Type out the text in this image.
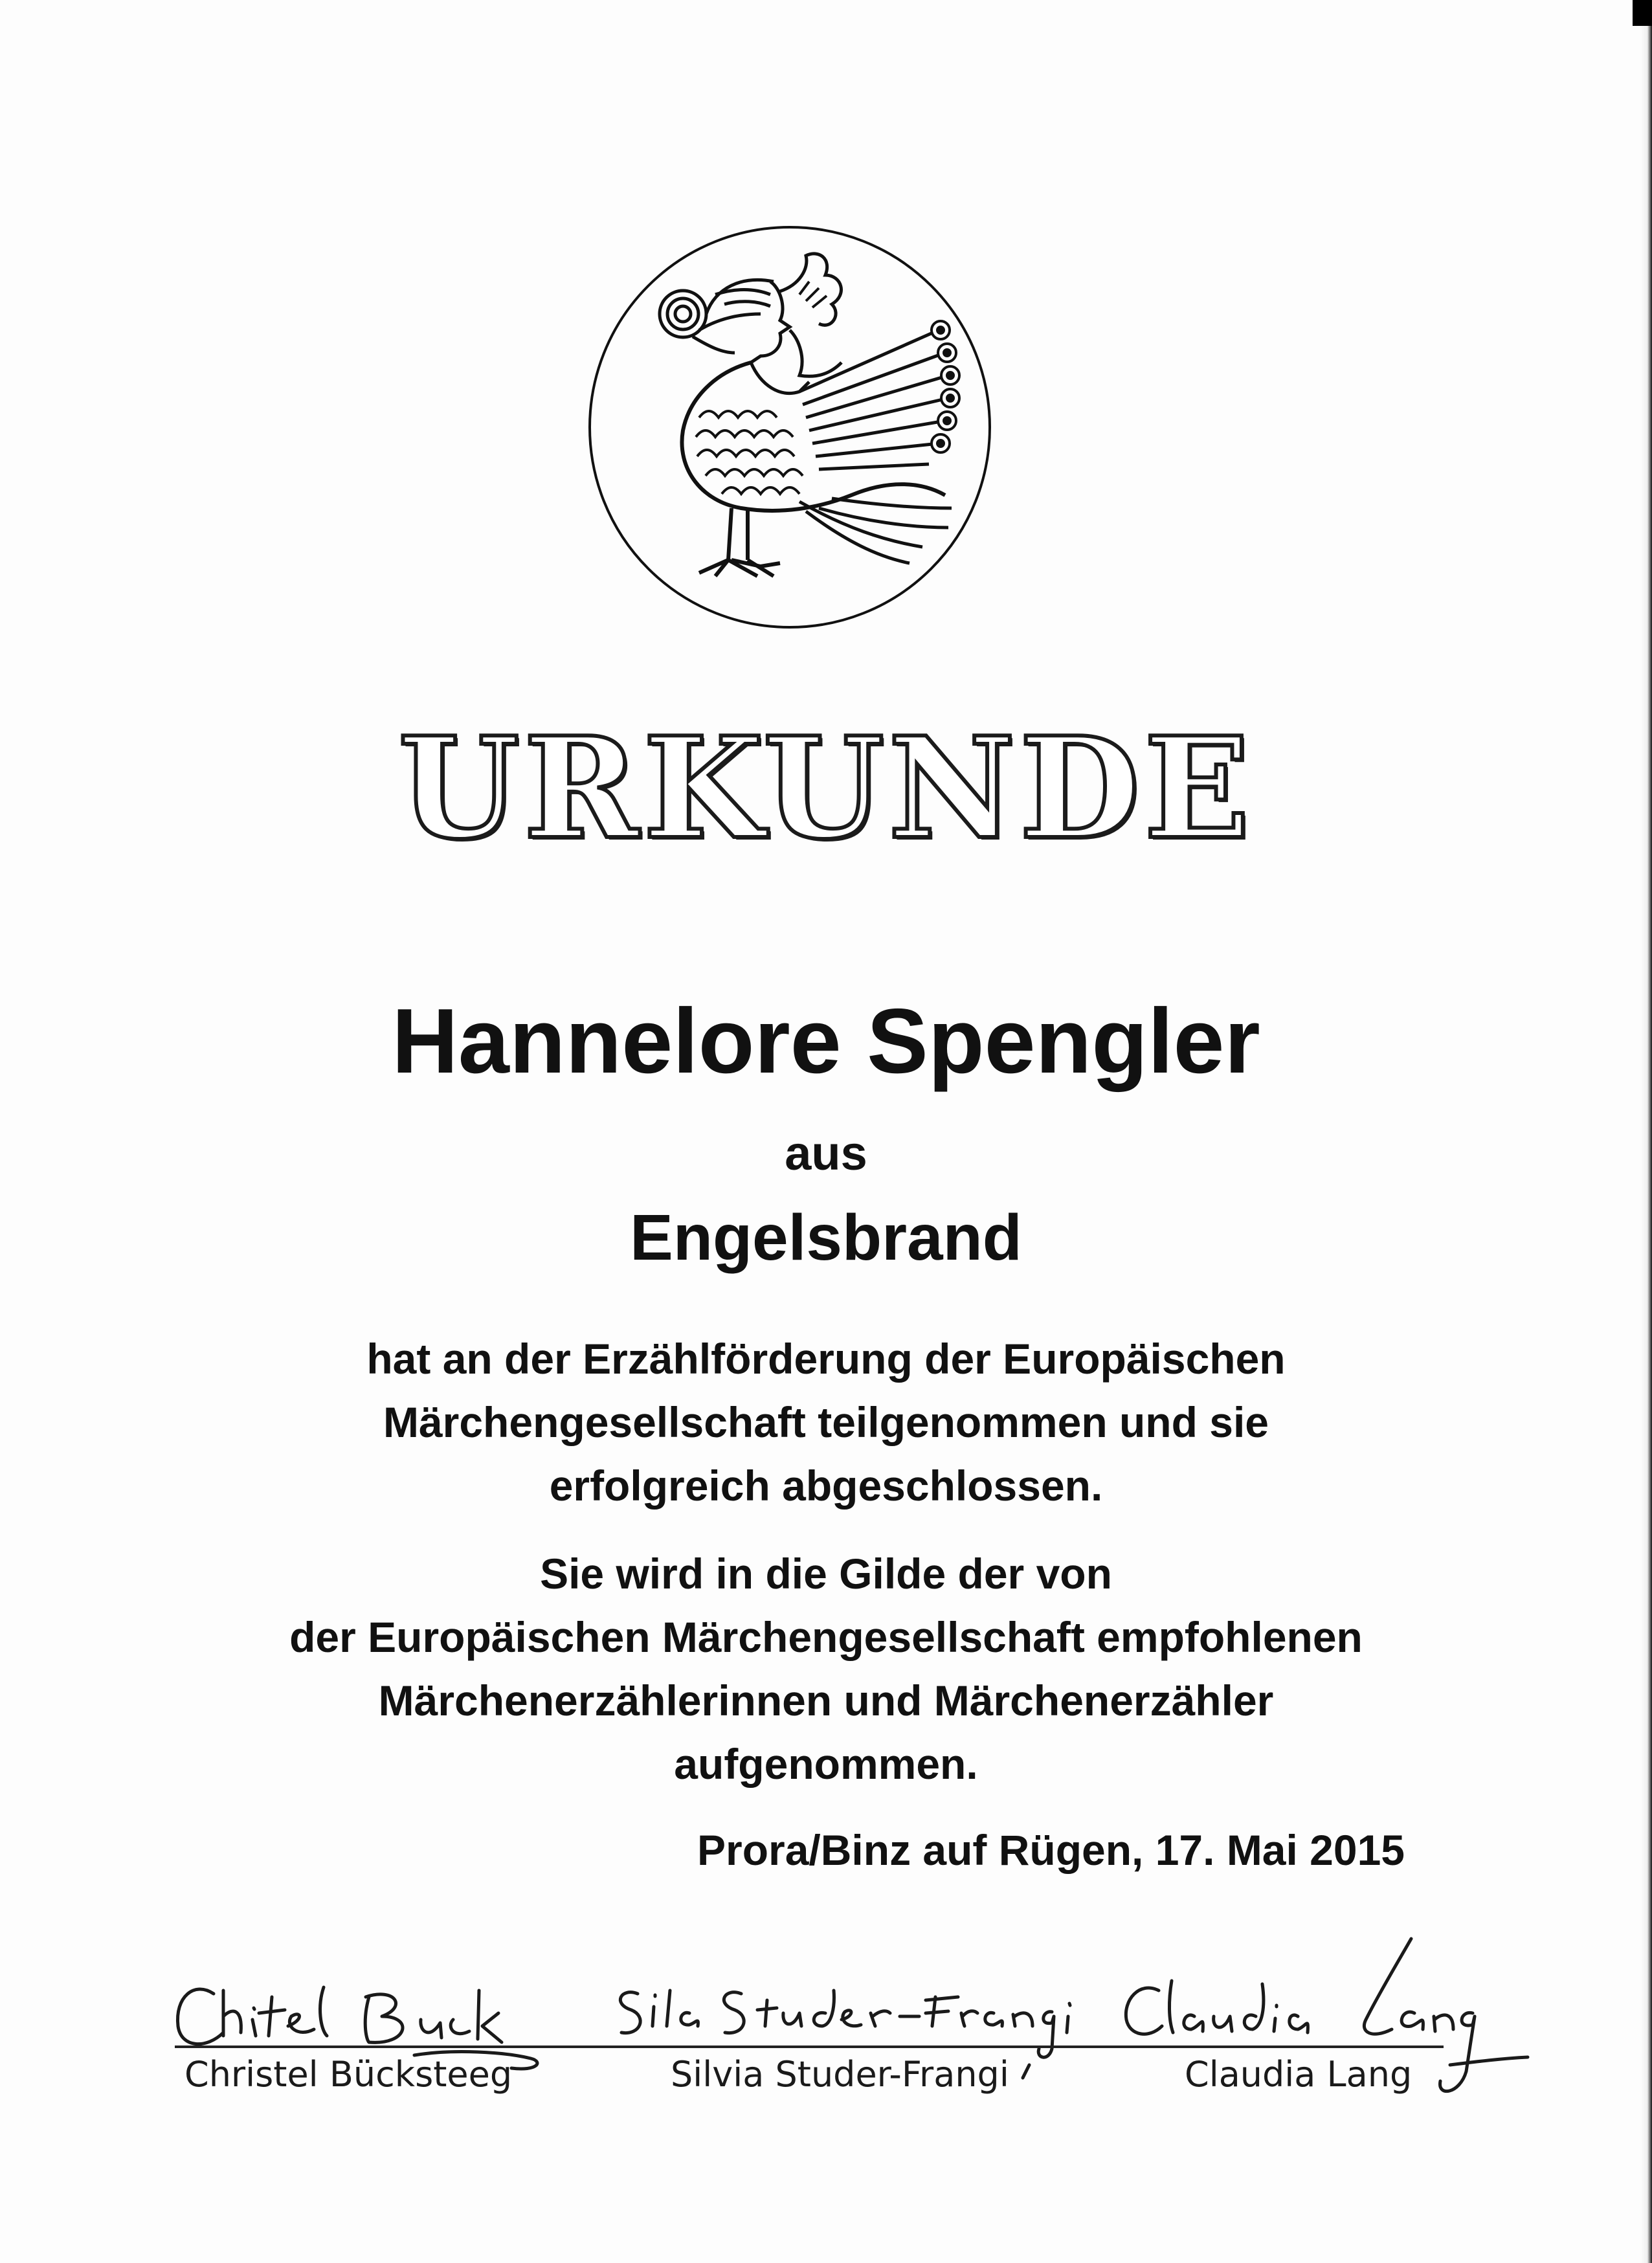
URKUNDE
Hannelore Spengler
aus
Engelsbrand
hat an der Erzählförderung der Europäischen
Märchengesellschaft teilgenommen und sie
erfolgreich abgeschlossen.
Sie wird in die Gilde der von
der Europäischen Märchengesellschaft empfohlenen
Märchenerzählerinnen und Märchenerzähler
aufgenommen.
Prora/Binz auf Rügen, 17. Mai 2015
Christel Bücksteeg	Silvia Studer-Frangi	Claudia Lang
